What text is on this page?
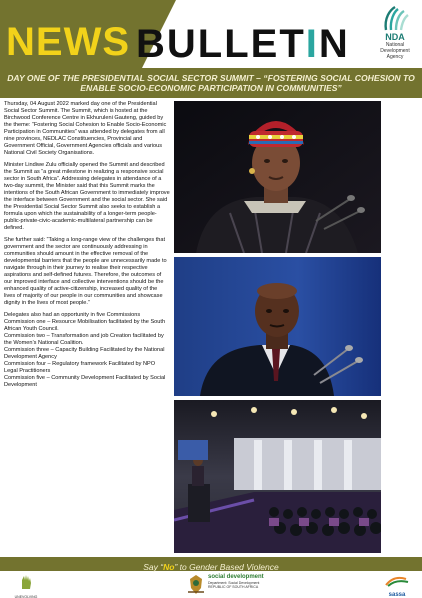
NEWS BULLETIN	NDA
National Development Agency
DAY ONE OF THE PRESIDENTIAL SOCIAL SECTOR SUMMIT – “FOSTERING SOCIAL COHESION TO ENABLE SOCIO-ECONOMIC PARTICIPATION IN COMMUNITIES”

Thursday, 04 August 2022 marked day one of the Presidential Social Sector Summit. The Summit, which is hosted at the Birchwood Conference Centre in Ekhuruleni Gauteng, guided by the theme: “Fostering Social Cohesion to Enable Socio-Economic Participation in Communities” was attended by delegates from all nine provinces, NEDLAC Constituencies, Provincial and Government Official, Government Agencies officials and various National Civil Society Organisations.

Minister Lindiwe Zulu officially opened the Summit and described the Summit as “a great milestone in realizing a responsive social sector in South Africa”. Addressing delegates in attendance of a two-day summit, the Minister said that this Summit marks the intentions of the South African Government to immediately improve the interface between Government and the social sector. She said the Presidential Social Sector Summit also seeks to establish a formula upon which the sustainability of a longer-term people-public-private-civic-academic-multilateral partnership can be defined.

She further said: “Taking a long-range view of the challenges that government and the sector are continuously addressing in communities should amount in the effective removal of the developmental barriers that the people are unnecessarily made to navigate through in their journey to realise their respective aspirations and self-defined futures. Therefore, the outcomes of our improved interface and collective interventions should be the enhanced quality of active-citizenship, increased quality of the lives of majority of our people in our communities and showcase dignity in the lives of most people.”

Delegates also had an opportunity in five Commissions
Commission one – Resource Mobilisation facilitated by the South African Youth Council.
Commission two – Transformation and job Creation facilitated by the Women’s National Coalition.
Commission three – Capacity Building Facilitated by the National Development Agency
Commission four – Regulatory framework Facilitated by NPO Legal Practitioners
Commission five – Community Development Facilitated by Social Development

Say “No” to Gender Based Violence
UNEVOLVING
social development
Department: Social Development REPUBLIC OF SOUTH AFRICA
sassa
